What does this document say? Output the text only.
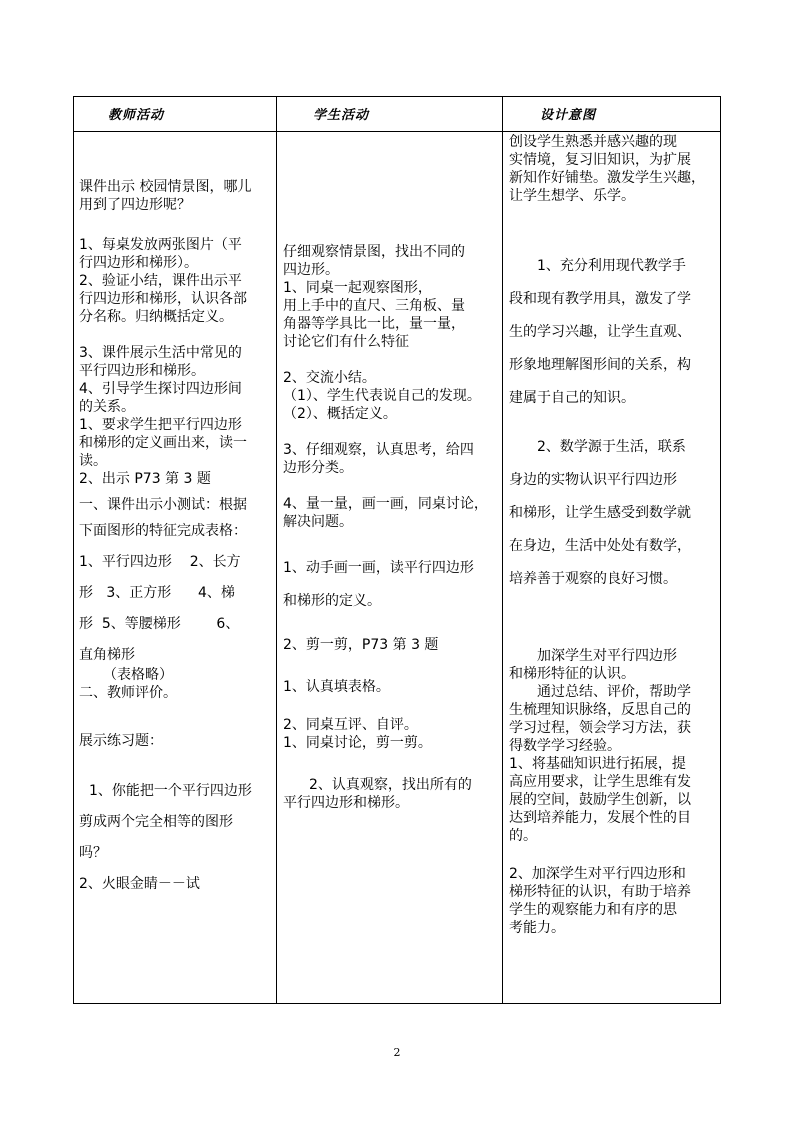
教师活动	学生活动	设计意图

课件出示 校园情景图，哪儿

用到了四边形呢？

1、每桌发放两张图片（平

行四边形和梯形）。

2、验证小结，课件出示平

行四边形和梯形，认识各部

分名称。归纳概括定义。

3、课件展示生活中常见的

平行四边形和梯形。

4、引导学生探讨四边形间

的关系。

1、要求学生把平行四边形

和梯形的定义画出来，读一

读。

2、出示 P73 第 3 题

一、课件出示小测试：根据

下面图形的特征完成表格：

1、平行四边形    2、长方

形   3、正方形      4、梯

形  5、等腰梯形        6、

直角梯形

（表格略）

二、教师评价。

展示练习题：

1、你能把一个平行四边形

剪成两个完全相等的图形

吗？

2、火眼金睛－－试

仔细观察情景图，找出不同的

四边形。

1、同桌一起观察图形，

用上手中的直尺、三角板、量

角器等学具比一比，量一量，

讨论它们有什么特征

2、交流小结。

（1）、学生代表说自己的发现。

（2）、概括定义。

3、仔细观察，认真思考，给四

边形分类。

4、量一量，画一画，同桌讨论，

解决问题。

1、动手画一画，读平行四边形

和梯形的定义。

2、剪一剪，P73 第 3 题

1、认真填表格。

2、同桌互评、自评。

1、同桌讨论，剪一剪。

2、认真观察，找出所有的

平行四边形和梯形。

创设学生熟悉并感兴趣的现

实情境，复习旧知识，为扩展

新知作好铺垫。激发学生兴趣，

让学生想学、乐学。

1、充分利用现代教学手

段和现有教学用具，激发了学

生的学习兴趣，让学生直观、

形象地理解图形间的关系，构

建属于自己的知识。

2、数学源于生活，联系

身边的实物认识平行四边形

和梯形，让学生感受到数学就

在身边，生活中处处有数学，

培养善于观察的良好习惯。

加深学生对平行四边形

和梯形特征的认识。

通过总结、评价，帮助学

生梳理知识脉络，反思自己的

学习过程，领会学习方法，获

得数学学习经验。

1、将基础知识进行拓展，提

高应用要求，让学生思维有发

展的空间，鼓励学生创新，以

达到培养能力，发展个性的目

的。

2、加深学生对平行四边形和

梯形特征的认识，有助于培养

学生的观察能力和有序的思

考能力。

2
